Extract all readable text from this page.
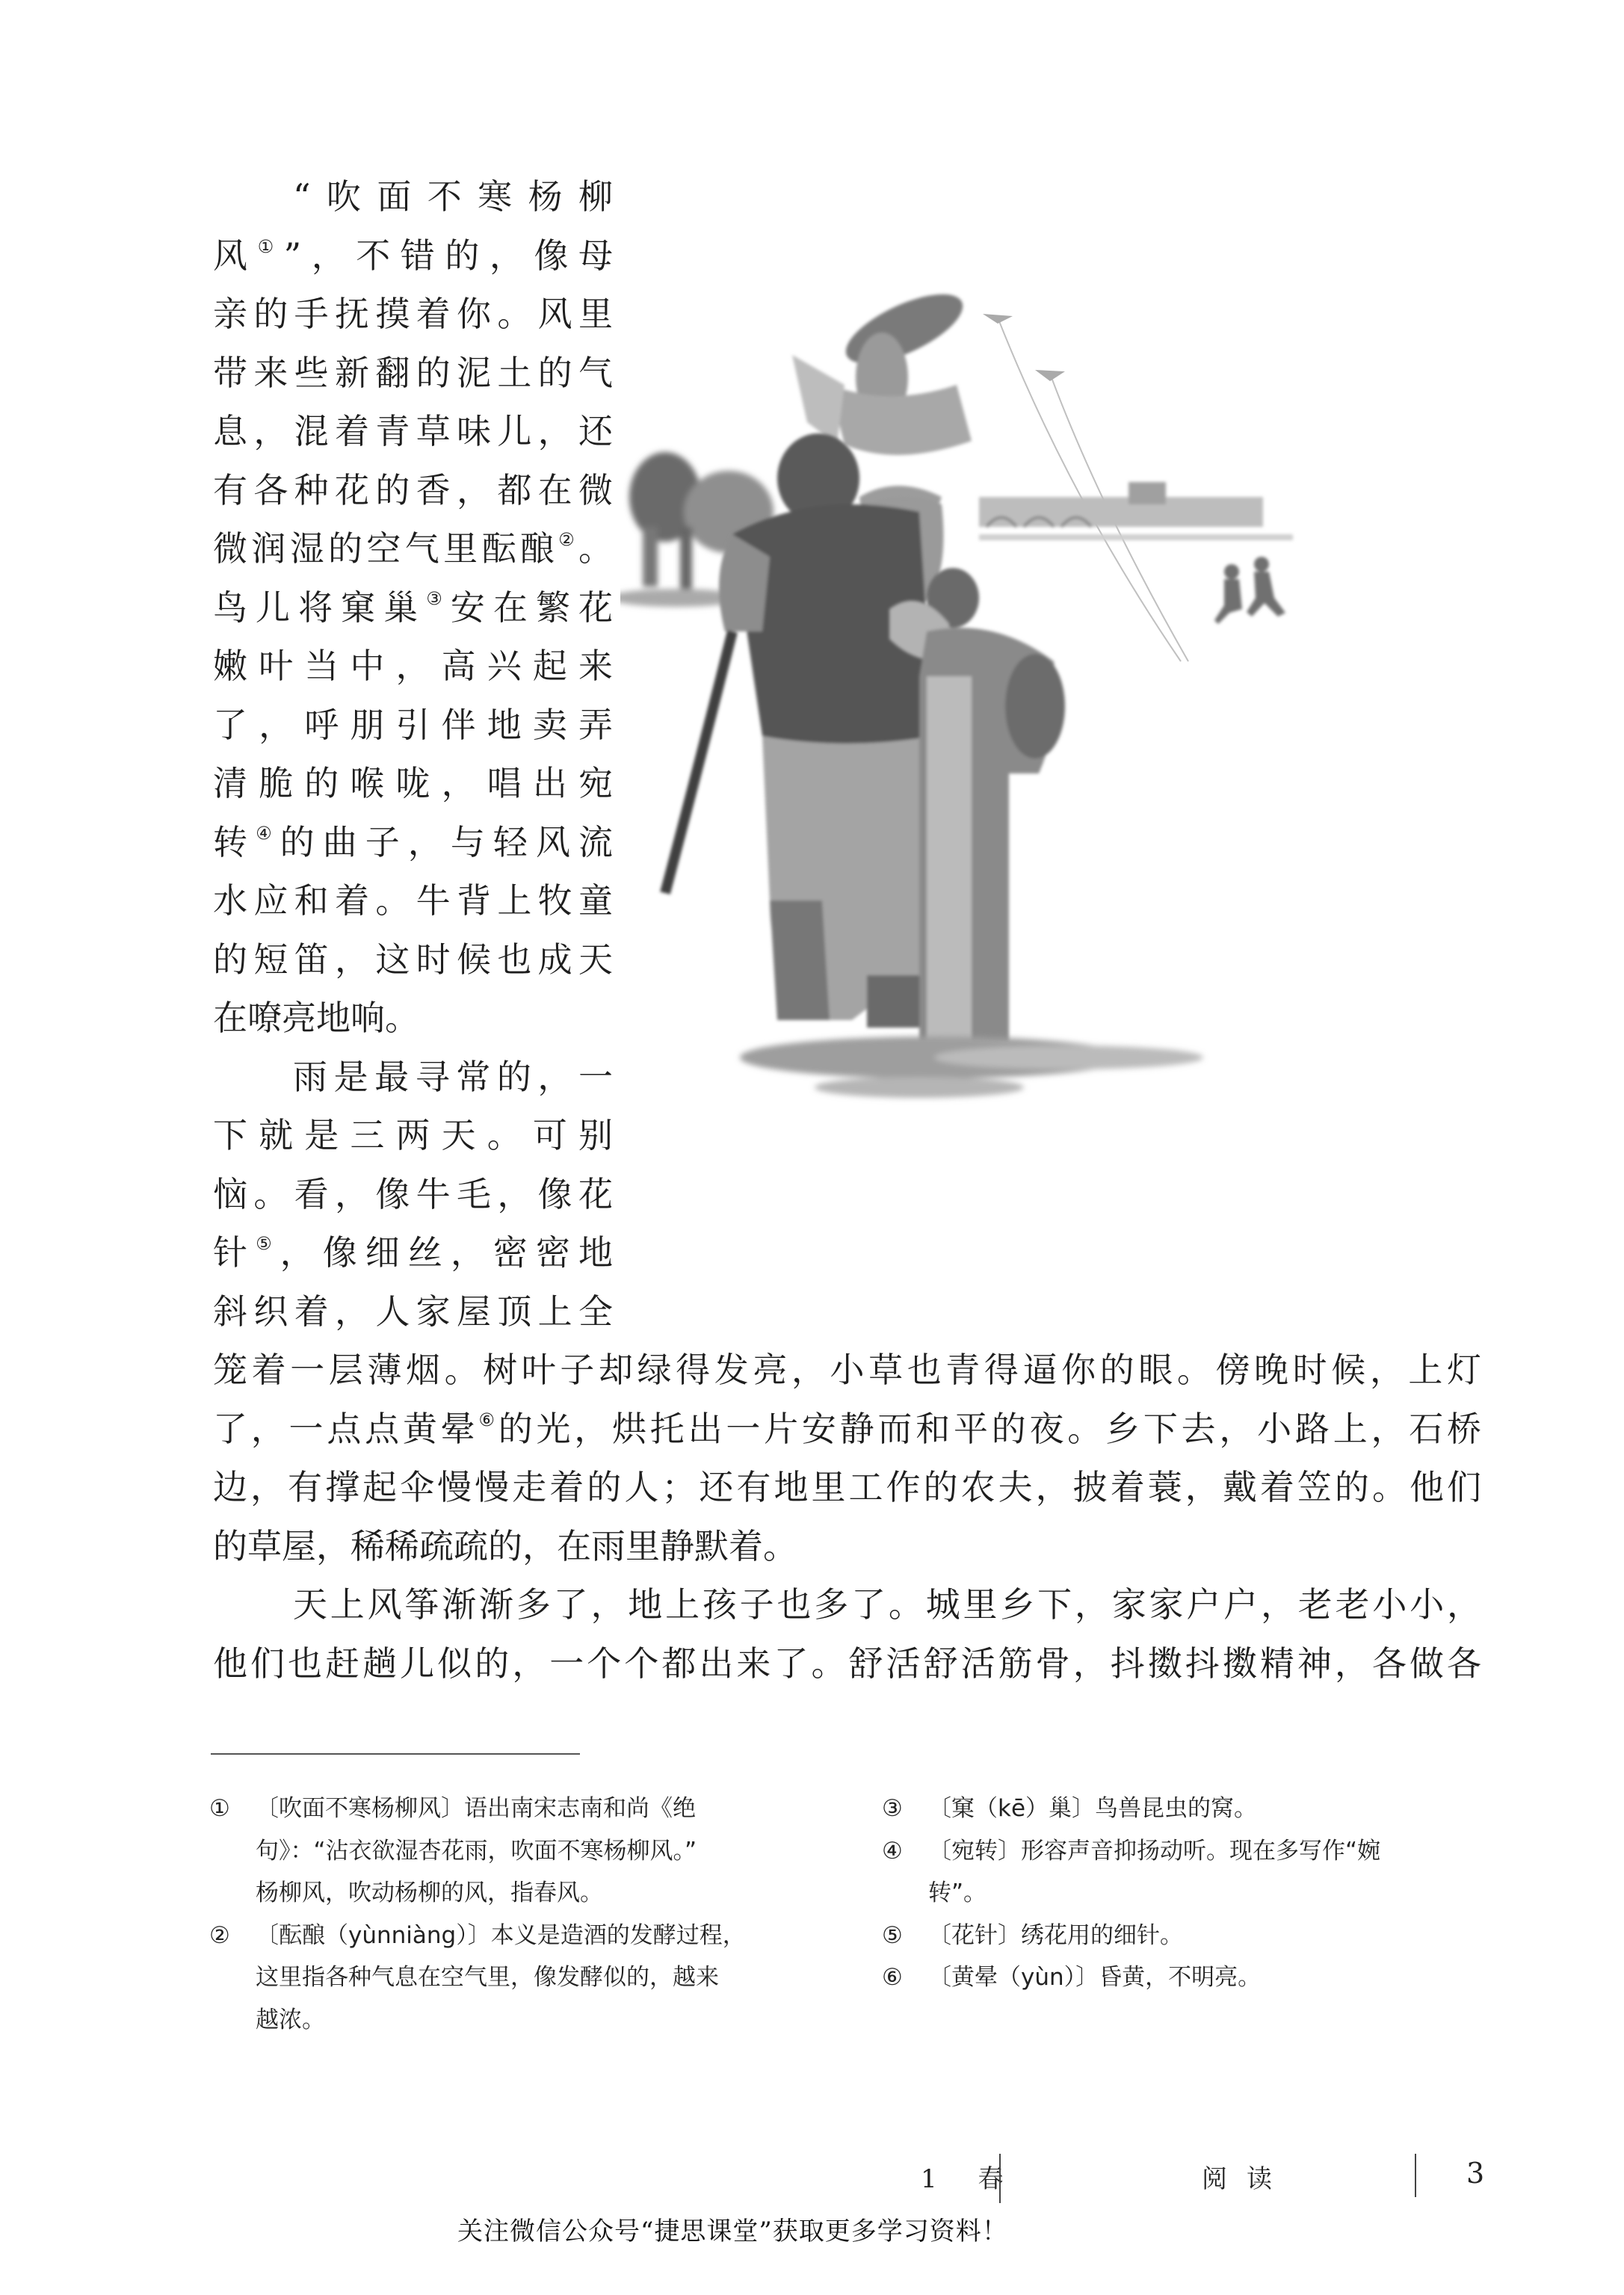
“吹面不寒杨柳
风①”，不错的，像母
亲的手抚摸着你。风里
带来些新翻的泥土的气
息，混着青草味儿，还
有各种花的香，都在微
微润湿的空气里酝酿②。
鸟儿将窠巢③安在繁花
嫩叶当中，高兴起来
了，呼朋引伴地卖弄
清脆的喉咙，唱出宛
转④的曲子，与轻风流
水应和着。牛背上牧童
的短笛，这时候也成天
在嘹亮地响。
雨是最寻常的，一
下就是三两天。可别
恼。看，像牛毛，像花
针⑤，像细丝，密密地
斜织着，人家屋顶上全
笼着一层薄烟。树叶子却绿得发亮，小草也青得逼你的眼。傍晚时候，上灯
了，一点点黄晕⑥的光，烘托出一片安静而和平的夜。乡下去，小路上，石桥
边，有撑起伞慢慢走着的人；还有地里工作的农夫，披着蓑，戴着笠的。他们
的草屋，稀稀疏疏的，在雨里静默着。
天上风筝渐渐多了，地上孩子也多了。城里乡下，家家户户，老老小小，
他们也赶趟儿似的，一个个都出来了。舒活舒活筋骨，抖擞抖擞精神，各做各
①	〔吹面不寒杨柳风〕语出南宋志南和尚《绝
句》：“沾衣欲湿杏花雨，吹面不寒杨柳风。”
杨柳风，吹动杨柳的风，指春风。
②	〔酝酿（yùnniàng）〕本义是造酒的发酵过程，
这里指各种气息在空气里，像发酵似的，越来
越浓。
③	〔窠（kē）巢〕鸟兽昆虫的窝。
④	〔宛转〕形容声音抑扬动听。现在多写作“婉
转”。
⑤	〔花针〕绣花用的细针。
⑥	〔黄晕（yùn）〕昏黄，不明亮。
1 春	阅读	3
关注微信公众号“捷思课堂”获取更多学习资料！
